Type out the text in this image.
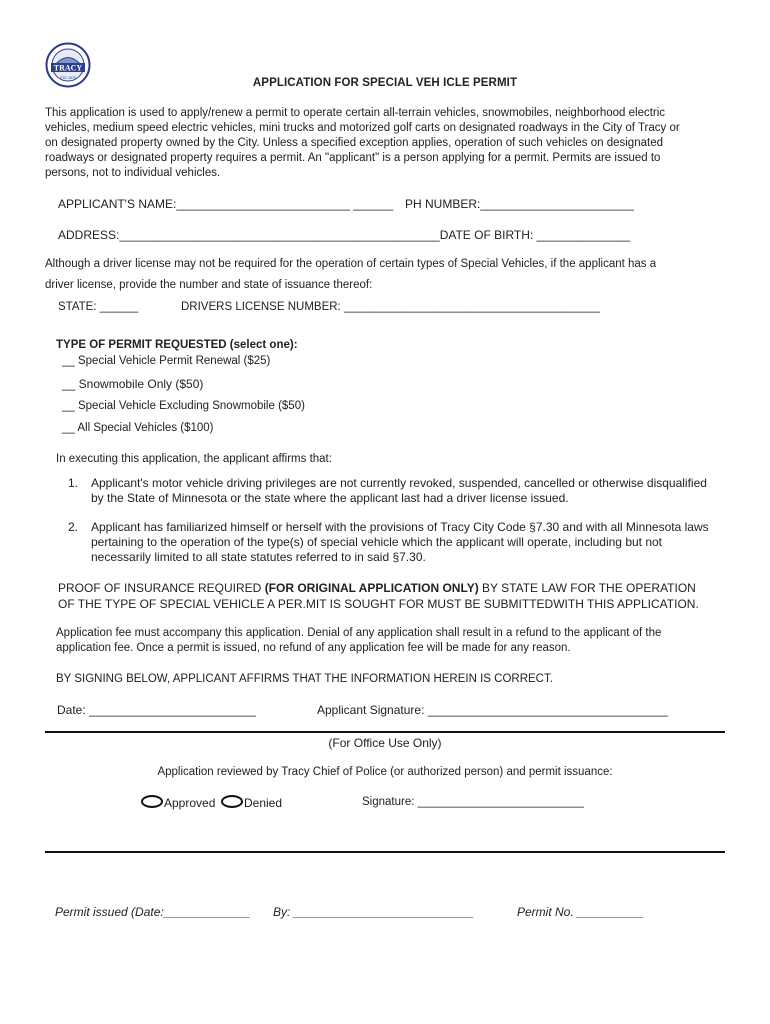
TRACY
EST 1875	APPLICATION FOR SPECIAL VEH ICLE PERMIT
This application is used to apply/renew a permit to operate certain all-terrain vehicles, snowmobiles, neighborhood electric
vehicles, medium speed electric vehicles, mini trucks and motorized golf carts on designated roadways in the City of Tracy or
on designated property owned by the City. Unless a specified exception applies, operation of such vehicles on designated
roadways or designated property requires a permit. An "applicant" is a person applying for a permit. Permits are issued to
persons, not to individual vehicles.
APPLICANT'S NAME:__________________________ ______ PH NUMBER:_______________________
ADDRESS:________________________________________________DATE OF BIRTH: ______________
Although a driver license may not be required for the operation of certain types of Special Vehicles, if the applicant has a
driver license, provide the number and state of issuance thereof:
STATE: ______	DRIVERS LICENSE NUMBER: ________________________________________
TYPE OF PERMIT REQUESTED (select one):
__ Special Vehicle Permit Renewal ($25)
__ Snowmobile Only ($50)
__ Special Vehicle Excluding Snowmobile ($50)
__ All Special Vehicles ($100)
In executing this application, the applicant affirms that:
1. Applicant's motor vehicle driving privileges are not currently revoked, suspended, cancelled or otherwise disqualified by the State of Minnesota or the state where the applicant last had a driver license issued.
2. Applicant has familiarized himself or herself with the provisions of Tracy City Code §7.30 and with all Minnesota laws pertaining to the operation of the type(s) of special vehicle which the applicant will operate, including but not necessarily limited to all state statutes referred to in said §7.30.
PROOF OF INSURANCE REQUIRED (FOR ORIGINAL APPLICATION ONLY) BY STATE LAW FOR THE OPERATION
OF THE TYPE OF SPECIAL VEHICLE A PER.MIT IS SOUGHT FOR MUST BE SUBMITTEDWITH THIS APPLICATION.
Application fee must accompany this application. Denial of any application shall result in a refund to the applicant of the
application fee. Once a permit is issued, no refund of any application fee will be made for any reason.
BY SIGNING BELOW, APPLICANT AFFIRMS THAT THE INFORMATION HEREIN IS CORRECT.
Date: _________________________	Applicant Signature: ____________________________________
(For Office Use Only)
Application reviewed by Tracy Chief of Police (or authorized person) and permit issuance:
Approved	Denied	Signature: __________________________
Permit issued (Date:_____________ By: ___________________________	Permit No. __________
